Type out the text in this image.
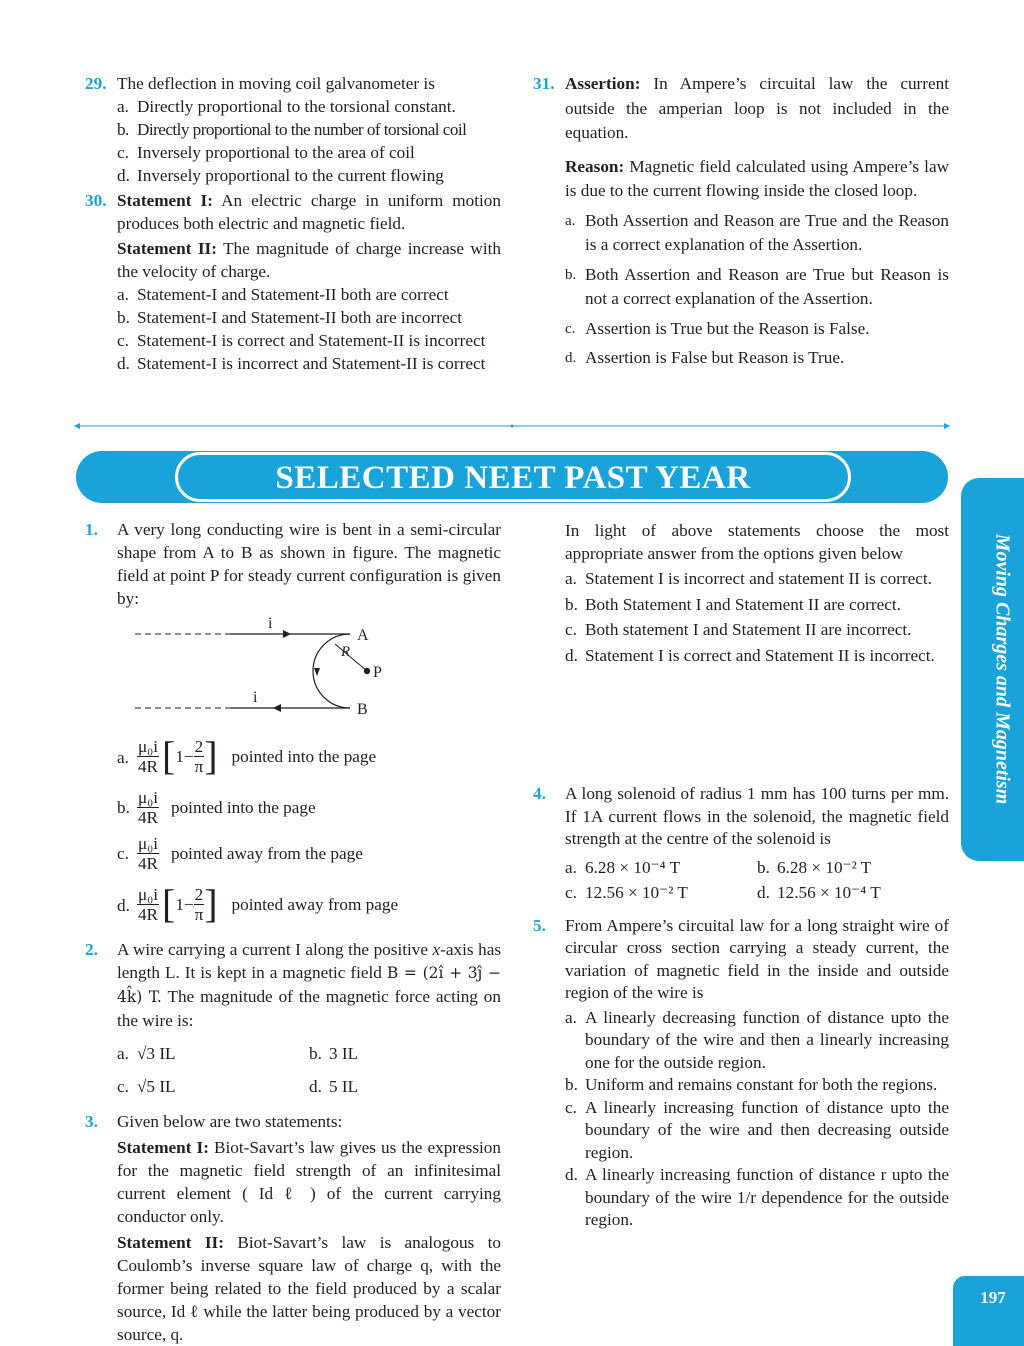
29. The deflection in moving coil galvanometer is
a. Directly proportional to the torsional constant.
b. Directly proportional to the number of torsional coil
c. Inversely proportional to the area of coil
d. Inversely proportional to the current flowing
30. Statement I: An electric charge in uniform motion produces both electric and magnetic field.
Statement II: The magnitude of charge increase with the velocity of charge.
a. Statement-I and Statement-II both are correct
b. Statement-I and Statement-II both are incorrect
c. Statement-I is correct and Statement-II is incorrect
d. Statement-I is incorrect and Statement-II is correct
31. Assertion: In Ampere’s circuital law the current outside the amperian loop is not included in the equation.
Reason: Magnetic field calculated using Ampere’s law is due to the current flowing inside the closed loop.
a. Both Assertion and Reason are True and the Reason is a correct explanation of the Assertion.
b. Both Assertion and Reason are True but Reason is not a correct explanation of the Assertion.
c. Assertion is True but the Reason is False.
d. Assertion is False but Reason is True.
SELECTED NEET PAST YEAR QUESTIONS
Moving Charges and Magnetism
197
1. A very long conducting wire is bent in a semi-circular shape from A to B as shown in figure. The magnetic field at point P for steady current configuration is given by:
i
i
A
B
R
P
a. $\frac{\text{μ₀i}}{4R}$ [ $1- \frac{2}{\pi}$ ] pointed into the page
b. $\frac{\text{μ₀i}}{4R}$ pointed into the page
c. $\frac{\text{μ₀i}}{4R}$ pointed away from the page
d. $\frac{\text{μ₀i}}{4R}$ [ $1- \frac{2}{\pi}$ ] pointed away from page
2. A wire carrying a current I along the positive x-axis has length L. It is kept in a magnetic field B = (2î + 3ĵ − 4k̂) T. The magnitude of the magnetic force acting on the wire is:
a. √3 IL	b. 3 IL
c. √5 IL	d. 5 IL
3. Given below are two statements:
Statement I: Biot-Savart’s law gives us the expression for the magnetic field strength of an infinitesimal current element ( Id ℓ ) of the current carrying conductor only.
Statement II: Biot-Savart’s law is analogous to Coulomb’s inverse square law of charge q, with the former being related to the field produced by a scalar source, Id ℓ while the latter being produced by a vector source, q.
In light of above statements choose the most appropriate answer from the options given below
a. Statement I is incorrect and statement II is correct.
b. Both Statement I and Statement II are correct.
c. Both statement I and Statement II are incorrect.
d. Statement I is correct and Statement II is incorrect.
4. A long solenoid of radius 1 mm has 100 turns per mm. If 1A current flows in the solenoid, the magnetic field strength at the centre of the solenoid is
a. 6.28 × 10⁻⁴ T	b. 6.28 × 10⁻² T
c. 12.56 × 10⁻² T	d. 12.56 × 10⁻⁴ T
5. From Ampere’s circuital law for a long straight wire of circular cross section carrying a steady current, the variation of magnetic field in the inside and outside region of the wire is
a. A linearly decreasing function of distance upto the boundary of the wire and then a linearly increasing one for the outside region.
b. Uniform and remains constant for both the regions.
c. A linearly increasing function of distance upto the boundary of the wire and then decreasing outside region.
d. A linearly increasing function of distance r upto the boundary of the wire 1/r dependence for the outside region.
